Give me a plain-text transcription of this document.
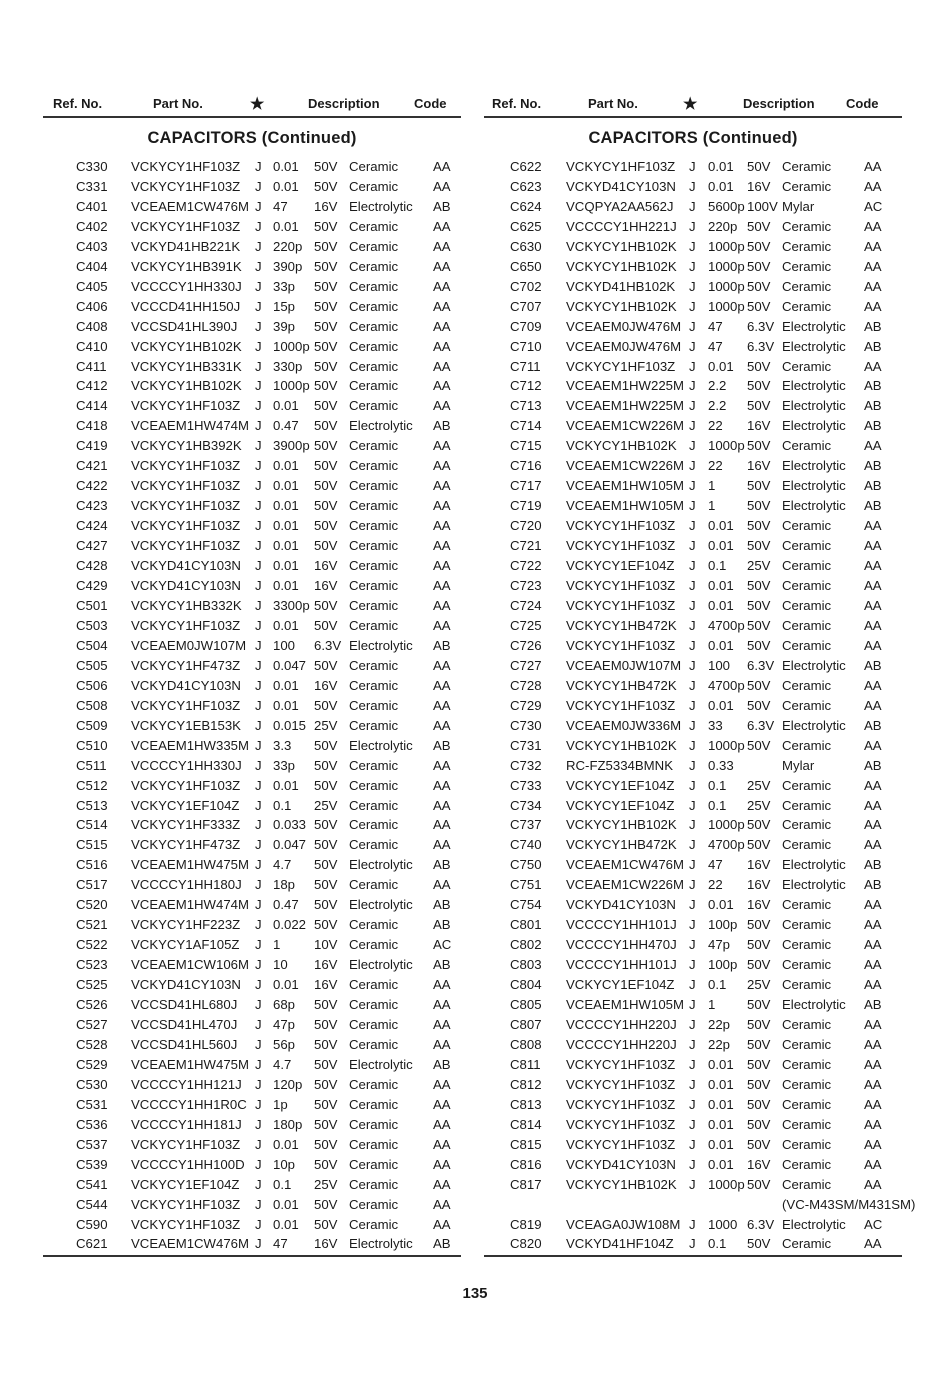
Ref. No.	Part No.	★	Description	Code
CAPACITORS (Continued)
C330 VCKYCY1HF103Z J 0.01 50V Ceramic	AA
C331 VCKYCY1HF103Z J 0.01 50V Ceramic	AA
C401 VCEAEM1CW476M J 47 16V Electrolytic AB
C402 VCKYCY1HF103Z J 0.01 50V Ceramic	AA
C403 VCKYD41HB221K J 220p 50V Ceramic	AA
C404 VCKYCY1HB391K J 390p 50V Ceramic	AA
C405 VCCCCY1HH330J J 33p 50V Ceramic	AA
C406 VCCCD41HH150J J 15p 50V Ceramic	AA
C408 VCCSD41HL390J J 39p 50V Ceramic	AA
C410 VCKYCY1HB102K J 1000p 50V Ceramic	AA
C411 VCKYCY1HB331K J 330p 50V Ceramic	AA
C412 VCKYCY1HB102K J 1000p 50V Ceramic	AA
C414 VCKYCY1HF103Z J 0.01 50V Ceramic	AA
C418 VCEAEM1HW474M J 0.47 50V Electrolytic AB
C419 VCKYCY1HB392K J 3900p 50V Ceramic	AA
C421 VCKYCY1HF103Z J 0.01 50V Ceramic	AA
C422 VCKYCY1HF103Z J 0.01 50V Ceramic	AA
C423 VCKYCY1HF103Z J 0.01 50V Ceramic	AA
C424 VCKYCY1HF103Z J 0.01 50V Ceramic	AA
C427 VCKYCY1HF103Z J 0.01 50V Ceramic	AA
C428 VCKYD41CY103N J 0.01 16V Ceramic	AA
C429 VCKYD41CY103N J 0.01 16V Ceramic	AA
C501 VCKYCY1HB332K J 3300p 50V Ceramic	AA
C503 VCKYCY1HF103Z J 0.01 50V Ceramic	AA
C504 VCEAEM0JW107M J 100 6.3V Electrolytic AB
C505 VCKYCY1HF473Z J 0.047 50V Ceramic	AA
C506 VCKYD41CY103N J 0.01 16V Ceramic	AA
C508 VCKYCY1HF103Z J 0.01 50V Ceramic	AA
C509 VCKYCY1EB153K J 0.015 25V Ceramic	AA
C510 VCEAEM1HW335M J 3.3 50V Electrolytic AB
C511 VCCCCY1HH330J J 33p 50V Ceramic	AA
C512 VCKYCY1HF103Z J 0.01 50V Ceramic	AA
C513 VCKYCY1EF104Z J 0.1 25V Ceramic	AA
C514 VCKYCY1HF333Z J 0.033 50V Ceramic	AA
C515 VCKYCY1HF473Z J 0.047 50V Ceramic	AA
C516 VCEAEM1HW475M J 4.7 50V Electrolytic AB
C517 VCCCCY1HH180J J 18p 50V Ceramic	AA
C520 VCEAEM1HW474M J 0.47 50V Electrolytic AB
C521 VCKYCY1HF223Z J 0.022 50V Ceramic	AB
C522 VCKYCY1AF105Z J 1	10V Ceramic	AC
C523 VCEAEM1CW106M J 10 16V Electrolytic AB
C525 VCKYD41CY103N J 0.01 16V Ceramic	AA
C526 VCCSD41HL680J J 68p 50V Ceramic	AA
C527 VCCSD41HL470J J 47p 50V Ceramic	AA
C528 VCCSD41HL560J J 56p 50V Ceramic	AA
C529 VCEAEM1HW475M J 4.7 50V Electrolytic AB
C530 VCCCCY1HH121J J 120p 50V Ceramic	AA
C531 VCCCCY1HH1R0C J 1p 50V Ceramic	AA
C536 VCCCCY1HH181J J 180p 50V Ceramic	AA
C537 VCKYCY1HF103Z J 0.01 50V Ceramic	AA
C539 VCCCCY1HH100D J 10p 50V Ceramic	AA
C541 VCKYCY1EF104Z J 0.1 25V Ceramic	AA
C544 VCKYCY1HF103Z J 0.01 50V Ceramic	AA
C590 VCKYCY1HF103Z J 0.01 50V Ceramic	AA
C621 VCEAEM1CW476M J 47 16V Electrolytic AB
Ref. No.	Part No.	★	Description Code
CAPACITORS (Continued)
C622 VCKYCY1HF103Z J 0.01 50V Ceramic AA
C623 VCKYD41CY103N J 0.01 16V Ceramic AA
C624 VCQPYA2AA562J J 5600p 100V Mylar	AC
C625 VCCCCY1HH221J J 220p 50V Ceramic AA
C630 VCKYCY1HB102K J 1000p 50V Ceramic AA
C650 VCKYCY1HB102K J 1000p 50V Ceramic AA
C702 VCKYD41HB102K J 1000p 50V Ceramic AA
C707 VCKYCY1HB102K J 1000p 50V Ceramic AA
C709 VCEAEM0JW476M J 47 6.3V Electrolytic AB
C710 VCEAEM0JW476M J 47 6.3V Electrolytic AB
C711 VCKYCY1HF103Z J 0.01 50V Ceramic AA
C712 VCEAEM1HW225M J 2.2 50V Electrolytic AB
C713 VCEAEM1HW225M J 2.2 50V Electrolytic AB
C714 VCEAEM1CW226M J 22 16V Electrolytic AB
C715 VCKYCY1HB102K J 1000p 50V Ceramic AA
C716 VCEAEM1CW226M J 22 16V Electrolytic AB
C717 VCEAEM1HW105M J 1 50V Electrolytic AB
C719 VCEAEM1HW105M J 1 50V Electrolytic AB
C720 VCKYCY1HF103Z J 0.01 50V Ceramic AA
C721 VCKYCY1HF103Z J 0.01 50V Ceramic AA
C722 VCKYCY1EF104Z J 0.1 25V Ceramic AA
C723 VCKYCY1HF103Z J 0.01 50V Ceramic AA
C724 VCKYCY1HF103Z J 0.01 50V Ceramic AA
C725 VCKYCY1HB472K J 4700p 50V Ceramic AA
C726 VCKYCY1HF103Z J 0.01 50V Ceramic AA
C727 VCEAEM0JW107M J 100 6.3V Electrolytic AB
C728 VCKYCY1HB472K J 4700p 50V Ceramic AA
C729 VCKYCY1HF103Z J 0.01 50V Ceramic AA
C730 VCEAEM0JW336M J 33 6.3V Electrolytic AB
C731 VCKYCY1HB102K J 1000p 50V Ceramic AA
C732 RC-FZ5334BMNK J 0.33	Mylar	AB
C733 VCKYCY1EF104Z J 0.1 25V Ceramic AA
C734 VCKYCY1EF104Z J 0.1 25V Ceramic AA
C737 VCKYCY1HB102K J 1000p 50V Ceramic AA
C740 VCKYCY1HB472K J 4700p 50V Ceramic AA
C750 VCEAEM1CW476M J 47 16V Electrolytic AB
C751 VCEAEM1CW226M J 22 16V Electrolytic AB
C754 VCKYD41CY103N J 0.01 16V Ceramic AA
C801 VCCCCY1HH101J J 100p 50V Ceramic AA
C802 VCCCCY1HH470J J 47p 50V Ceramic AA
C803 VCCCCY1HH101J J 100p 50V Ceramic AA
C804 VCKYCY1EF104Z J 0.1 25V Ceramic AA
C805 VCEAEM1HW105M J 1 50V Electrolytic AB
C807 VCCCCY1HH220J J 22p 50V Ceramic AA
C808 VCCCCY1HH220J J 22p 50V Ceramic AA
C811 VCKYCY1HF103Z J 0.01 50V Ceramic AA
C812 VCKYCY1HF103Z J 0.01 50V Ceramic AA
C813 VCKYCY1HF103Z J 0.01 50V Ceramic AA
C814 VCKYCY1HF103Z J 0.01 50V Ceramic AA
C815 VCKYCY1HF103Z J 0.01 50V Ceramic AA
C816 VCKYD41CY103N J 0.01 16V Ceramic AA
C817 VCKYCY1HB102K J 1000p 50V Ceramic AA
(VC-M43SM/M431SM)
C819 VCEAGA0JW108M J 1000 6.3V Electrolytic AC
C820 VCKYD41HF104Z J 0.1 50V Ceramic AA
135
